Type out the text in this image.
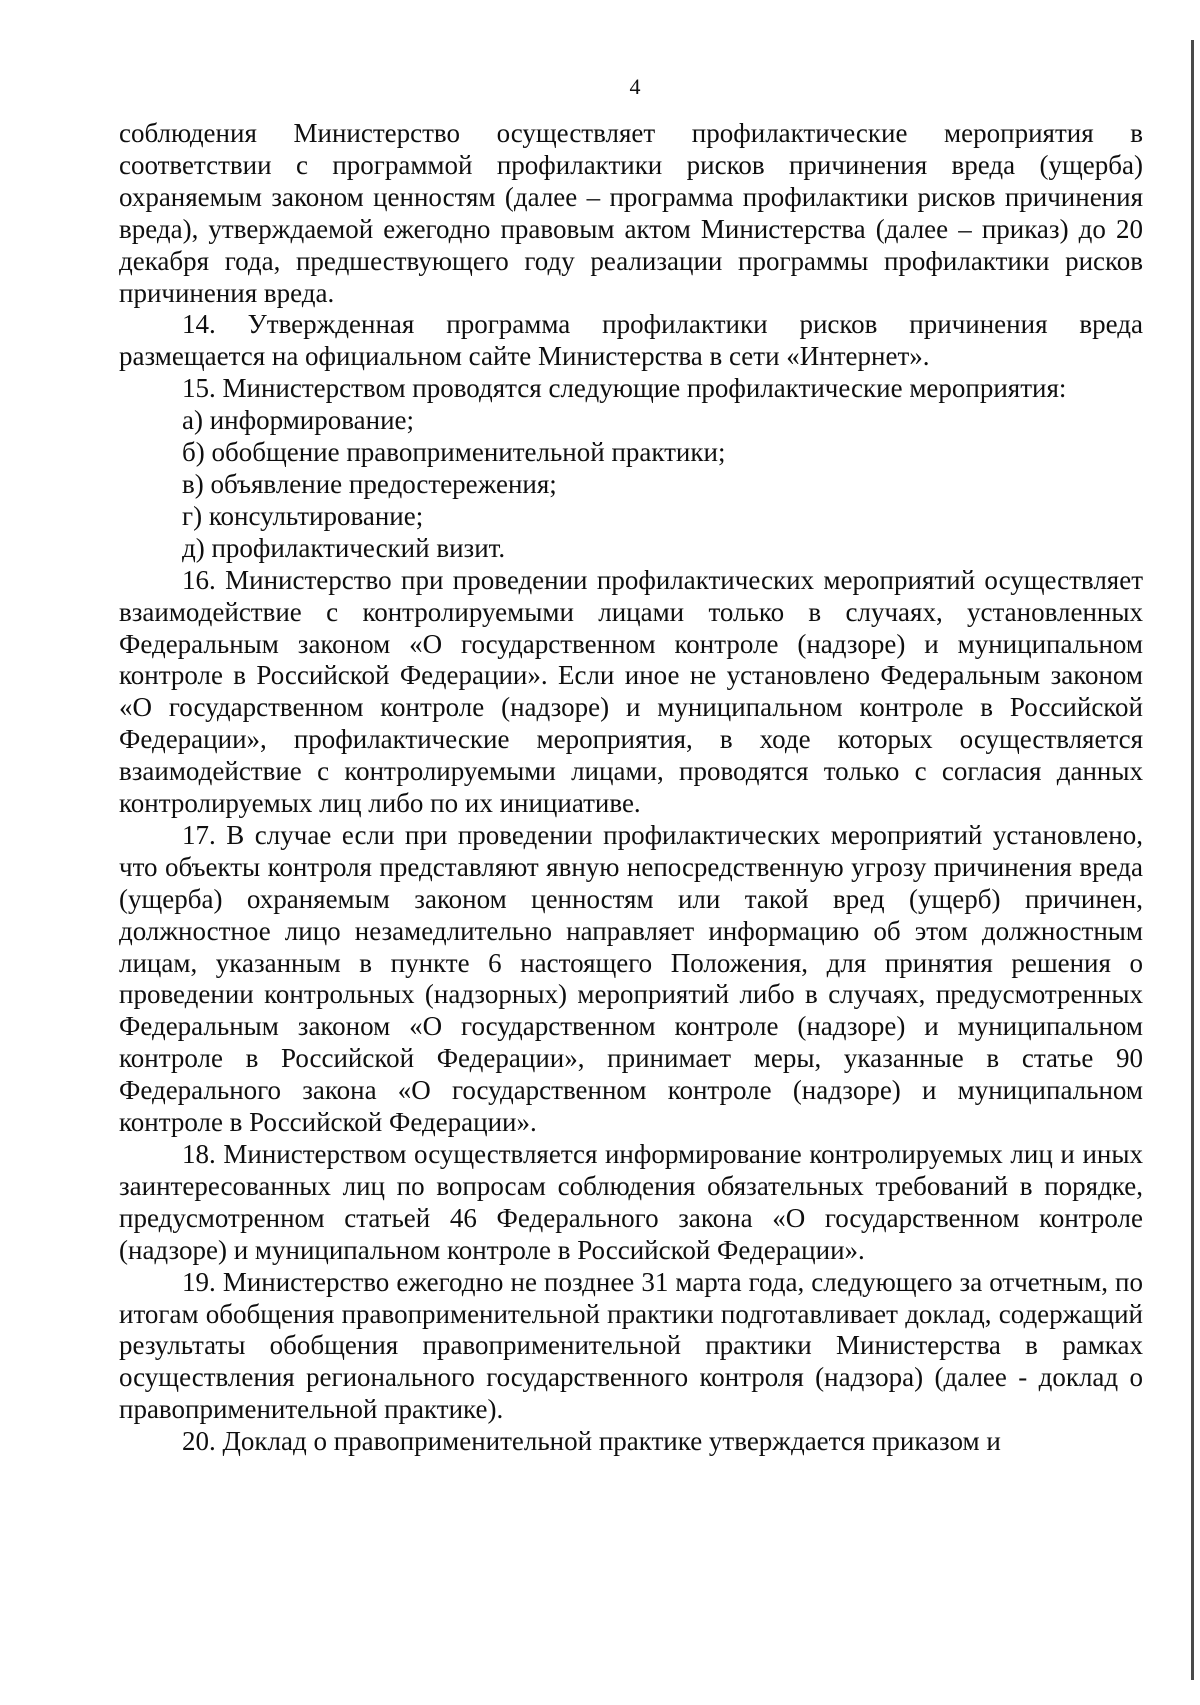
4

соблюдения Министерство осуществляет профилактические мероприятия в соответствии с программой профилактики рисков причинения вреда (ущерба) охраняемым законом ценностям (далее – программа профилактики рисков причинения вреда), утверждаемой ежегодно правовым актом Министерства (далее – приказ) до 20 декабря года, предшествующего году реализации программы профилактики рисков причинения вреда.

14. Утвержденная программа профилактики рисков причинения вреда размещается на официальном сайте Министерства в сети «Интернет».

15. Министерством проводятся следующие профилактические мероприятия:

а) информирование;

б) обобщение правоприменительной практики;

в) объявление предостережения;

г) консультирование;

д) профилактический визит.

16. Министерство при проведении профилактических мероприятий осуществляет взаимодействие с контролируемыми лицами только в случаях, установленных Федеральным законом «О государственном контроле (надзоре) и муниципальном контроле в Российской Федерации». Если иное не установлено Федеральным законом «О государственном контроле (надзоре) и муниципальном контроле в Российской Федерации», профилактические мероприятия, в ходе которых осуществляется взаимодействие с контролируемыми лицами, проводятся только с согласия данных контролируемых лиц либо по их инициативе.

17. В случае если при проведении профилактических мероприятий установлено, что объекты контроля представляют явную непосредственную угрозу причинения вреда (ущерба) охраняемым законом ценностям или такой вред (ущерб) причинен, должностное лицо незамедлительно направляет информацию об этом должностным лицам, указанным в пункте 6 настоящего Положения, для принятия решения о проведении контрольных (надзорных) мероприятий либо в случаях, предусмотренных Федеральным законом «О государственном контроле (надзоре) и муниципальном контроле в Российской Федерации», принимает меры, указанные в статье 90 Федерального закона «О государственном контроле (надзоре) и муниципальном контроле в Российской Федерации».

18. Министерством осуществляется информирование контролируемых лиц и иных заинтересованных лиц по вопросам соблюдения обязательных требований в порядке, предусмотренном статьей 46 Федерального закона «О государственном контроле (надзоре) и муниципальном контроле в Российской Федерации».

19. Министерство ежегодно не позднее 31 марта года, следующего за отчетным, по итогам обобщения правоприменительной практики подготавливает доклад, содержащий результаты обобщения правоприменительной практики Министерства в рамках осуществления регионального государственного контроля (надзора) (далее - доклад о правоприменительной практике).

20. Доклад о правоприменительной практике утверждается приказом и
